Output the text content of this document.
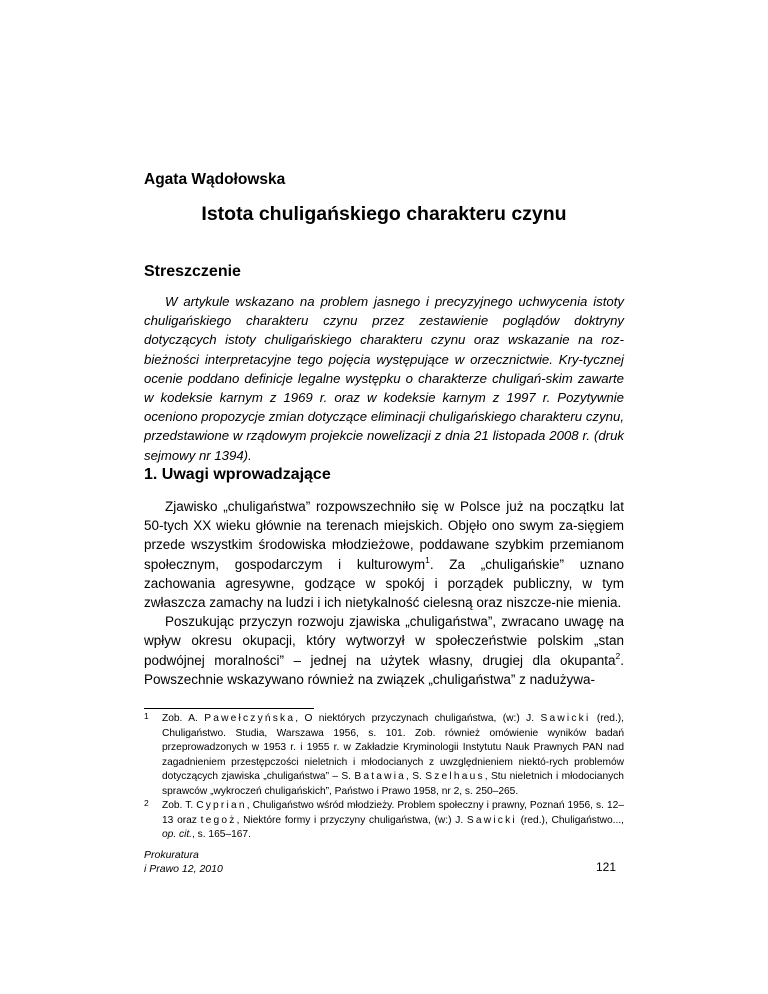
Agata Wądołowska
Istota chuligańskiego charakteru czynu
Streszczenie

W artykule wskazano na problem jasnego i precyzyjnego uchwycenia istoty chuligańskiego charakteru czynu przez zestawienie poglądów doktryny dotyczących istoty chuligańskiego charakteru czynu oraz wskazanie na roz-bieżności interpretacyjne tego pojęcia występujące w orzecznictwie. Kry-tycznej ocenie poddano definicje legalne występku o charakterze chuligań-skim zawarte w kodeksie karnym z 1969 r. oraz w kodeksie karnym z 1997 r. Pozytywnie oceniono propozycje zmian dotyczące eliminacji chuligańskiego charakteru czynu, przedstawione w rządowym projekcie nowelizacji z dnia 21 listopada 2008 r. (druk sejmowy nr 1394).

1. Uwagi wprowadzające

Zjawisko „chuligaństwa” rozpowszechniło się w Polsce już na początku lat 50-tych XX wieku głównie na terenach miejskich. Objęło ono swym za-sięgiem przede wszystkim środowiska młodzieżowe, poddawane szybkim przemianom społecznym, gospodarczym i kulturowym$^1$. Za „chuligańskie” uznano zachowania agresywne, godzące w spokój i porządek publiczny, w tym zwłaszcza zamachy na ludzi i ich nietykalność cielesną oraz niszcze-nie mienia.

Poszukując przyczyn rozwoju zjawiska „chuligaństwa”, zwracano uwagę na wpływ okresu okupacji, który wytworzył w społeczeństwie polskim „stan podwójnej moralności” – jednej na użytek własny, drugiej dla okupanta$^2$. Powszechnie wskazywano również na związek „chuligaństwa” z nadużywa-

1 Zob. A. Pawełczyńska, O niektórych przyczynach chuligaństwa, (w:) J. Sawicki (red.), Chuligaństwo. Studia, Warszawa 1956, s. 101. Zob. również omówienie wyników badań przeprowadzonych w 1953 r. i 1955 r. w Zakładzie Kryminologii Instytutu Nauk Prawnych PAN nad zagadnieniem przestępczości nieletnich i młodocianych z uwzględnieniem niektó-rych problemów dotyczących zjawiska „chuligaństwa” – S. Batawia, S. Szelhaus, Stu nieletnich i młodocianych sprawców „wykroczeń chuligańskich”, Państwo i Prawo 1958, nr 2, s. 250–265.
2 Zob. T. Cyprian, Chuligaństwo wśród młodzieży. Problem społeczny i prawny, Poznań 1956, s. 12–13 oraz tegoż, Niektóre formy i przyczyny chuligaństwa, (w:) J. Sawicki (red.), Chuligaństwo..., op. cit., s. 165–167.
Prokuratura
i Prawo 12, 2010	121
